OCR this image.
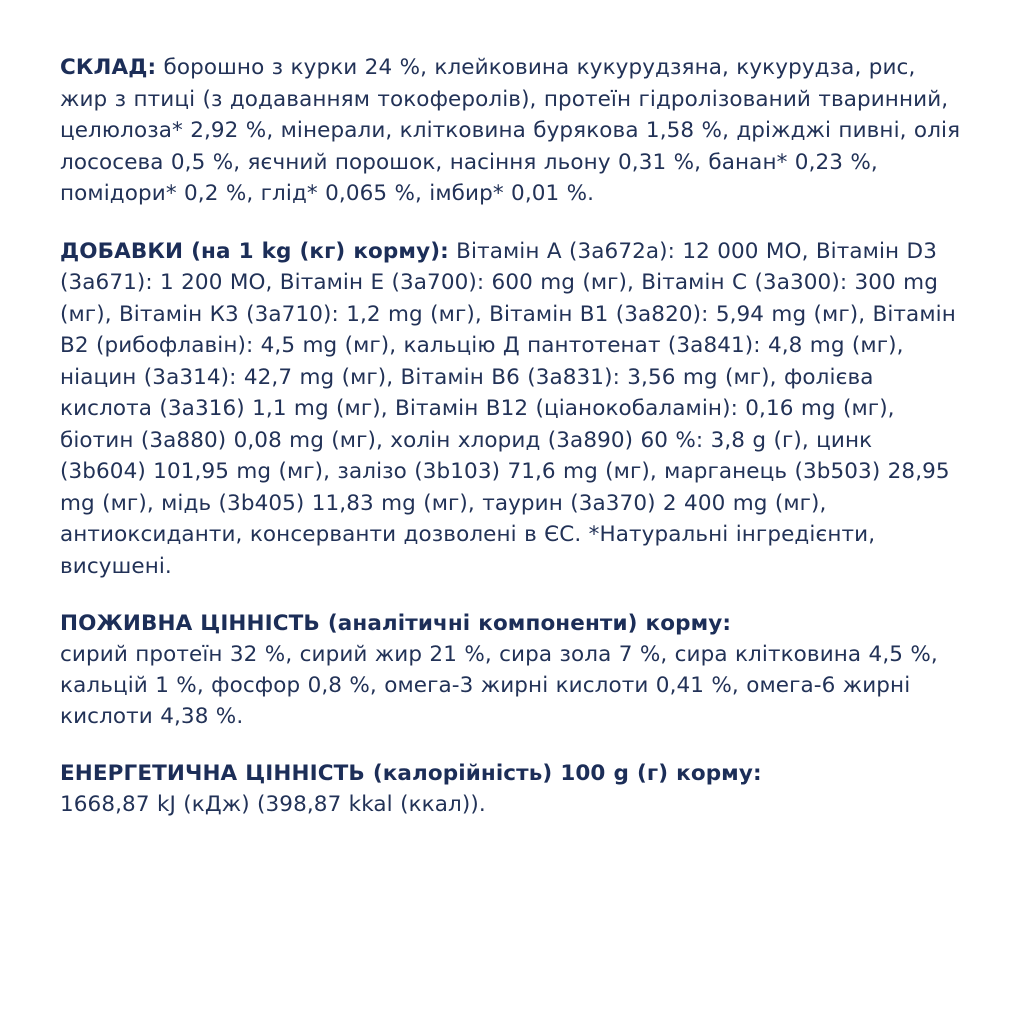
СКЛАД: борошно з курки 24 %, клейковина кукурудзяна, кукурудза, рис, жир з птиці (з додаванням токоферолів), протеїн гідролізований тваринний, целюлоза* 2,92 %, мінерали, клітковина бурякова 1,58 %, дріжджі пивні, олія лососева 0,5 %, яєчний порошок, насіння льону 0,31 %, банан* 0,23 %, помідори* 0,2 %, глід* 0,065 %, імбир* 0,01 %.
ДОБАВКИ (на 1 kg (кг) корму): Вітамін А (3а672а): 12 000 МО, Вітамін D3 (3а671): 1 200 МО, Вітамін Е (3а700): 600 mg (мг), Вітамін С (3а300): 300 mg (мг), Вітамін К3 (3а710): 1,2 mg (мг), Вітамін В1 (3а820): 5,94 mg (мг), Вітамін В2 (рибофлавін): 4,5 mg (мг), кальцію Д пантотенат (3а841): 4,8 mg (мг), ніацин (3а314): 42,7 mg (мг), Вітамін В6 (3а831): 3,56 mg (мг), фолієва кислота (3а316) 1,1 mg (мг), Вітамін В12 (ціанокобаламін): 0,16 mg (мг), біотин (3а880) 0,08 mg (мг), холін хлорид (3а890) 60 %: 3,8 g (г), цинк (3b604) 101,95 mg (мг), залізо (3b103) 71,6 mg (мг), марганець (3b503) 28,95 mg (мг), мідь (3b405) 11,83 mg (мг), таурин (3а370) 2 400 mg (мг), антиоксиданти, консерванти дозволені в ЄС. *Натуральні інгредієнти, висушені.
ПОЖИВНА ЦІННІСТЬ (аналітичні компоненти) корму:
сирий протеїн 32 %, сирий жир 21 %, сира зола 7 %, сира клітковина 4,5 %, кальцій 1 %, фосфор 0,8 %, омега-3 жирні кислоти 0,41 %, омега-6 жирні кислоти 4,38 %.
ЕНЕРГЕТИЧНА ЦІННІСТЬ (калорійність) 100 g (г) корму:
1668,87 kJ (кДж) (398,87 kkal (ккал)).
